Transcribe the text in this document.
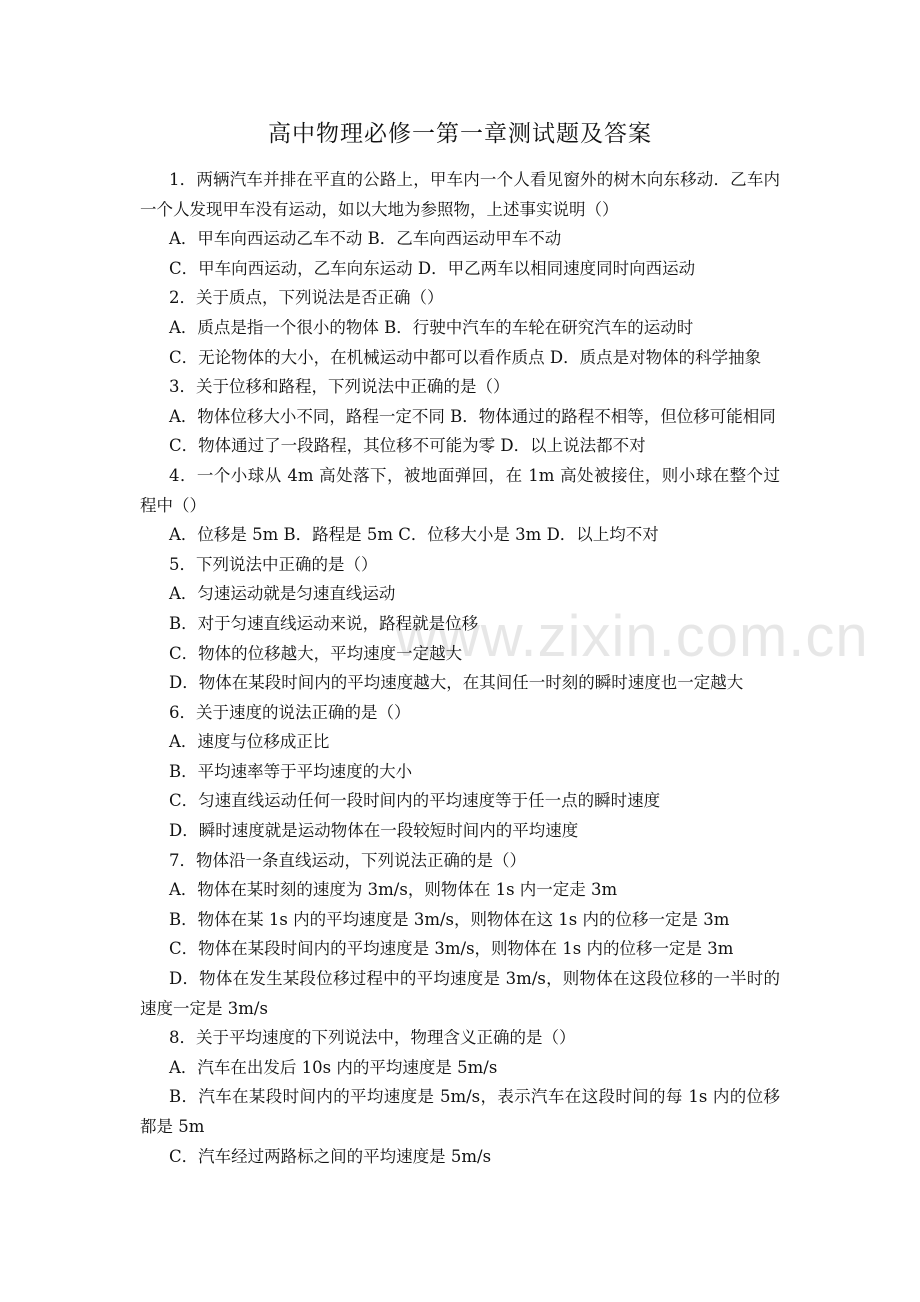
高中物理必修一第一章测试题及答案

1．两辆汽车并排在平直的公路上，甲车内一个人看见窗外的树木向东移动．乙车内一个人发现甲车没有运动，如以大地为参照物，上述事实说明（）

A．甲车向西运动乙车不动 B．乙车向西运动甲车不动

C．甲车向西运动，乙车向东运动 D．甲乙两车以相同速度同时向西运动

2．关于质点，下列说法是否正确（）

A．质点是指一个很小的物体 B．行驶中汽车的车轮在研究汽车的运动时

C．无论物体的大小，在机械运动中都可以看作质点 D．质点是对物体的科学抽象

3．关于位移和路程，下列说法中正确的是（）

A．物体位移大小不同，路程一定不同 B．物体通过的路程不相等，但位移可能相同

C．物体通过了一段路程，其位移不可能为零 D．以上说法都不对

4．一个小球从 4m 高处落下，被地面弹回，在 1m 高处被接住，则小球在整个过程中（）

A．位移是 5m B．路程是 5m C．位移大小是 3m D．以上均不对

5．下列说法中正确的是（）

A．匀速运动就是匀速直线运动

B．对于匀速直线运动来说，路程就是位移

C．物体的位移越大，平均速度一定越大

D．物体在某段时间内的平均速度越大，在其间任一时刻的瞬时速度也一定越大

6．关于速度的说法正确的是（）

A．速度与位移成正比

B．平均速率等于平均速度的大小

C．匀速直线运动任何一段时间内的平均速度等于任一点的瞬时速度

D．瞬时速度就是运动物体在一段较短时间内的平均速度

7．物体沿一条直线运动，下列说法正确的是（）

A．物体在某时刻的速度为 3m/s，则物体在 1s 内一定走 3m

B．物体在某 1s 内的平均速度是 3m/s，则物体在这 1s 内的位移一定是 3m

C．物体在某段时间内的平均速度是 3m/s，则物体在 1s 内的位移一定是 3m

D．物体在发生某段位移过程中的平均速度是 3m/s，则物体在这段位移的一半时的速度一定是 3m/s

8．关于平均速度的下列说法中，物理含义正确的是（）

A．汽车在出发后 10s 内的平均速度是 5m/s

B．汽车在某段时间内的平均速度是 5m/s，表示汽车在这段时间的每 1s 内的位移都是 5m

C．汽车经过两路标之间的平均速度是 5m/s

www.zixin.com.cn
